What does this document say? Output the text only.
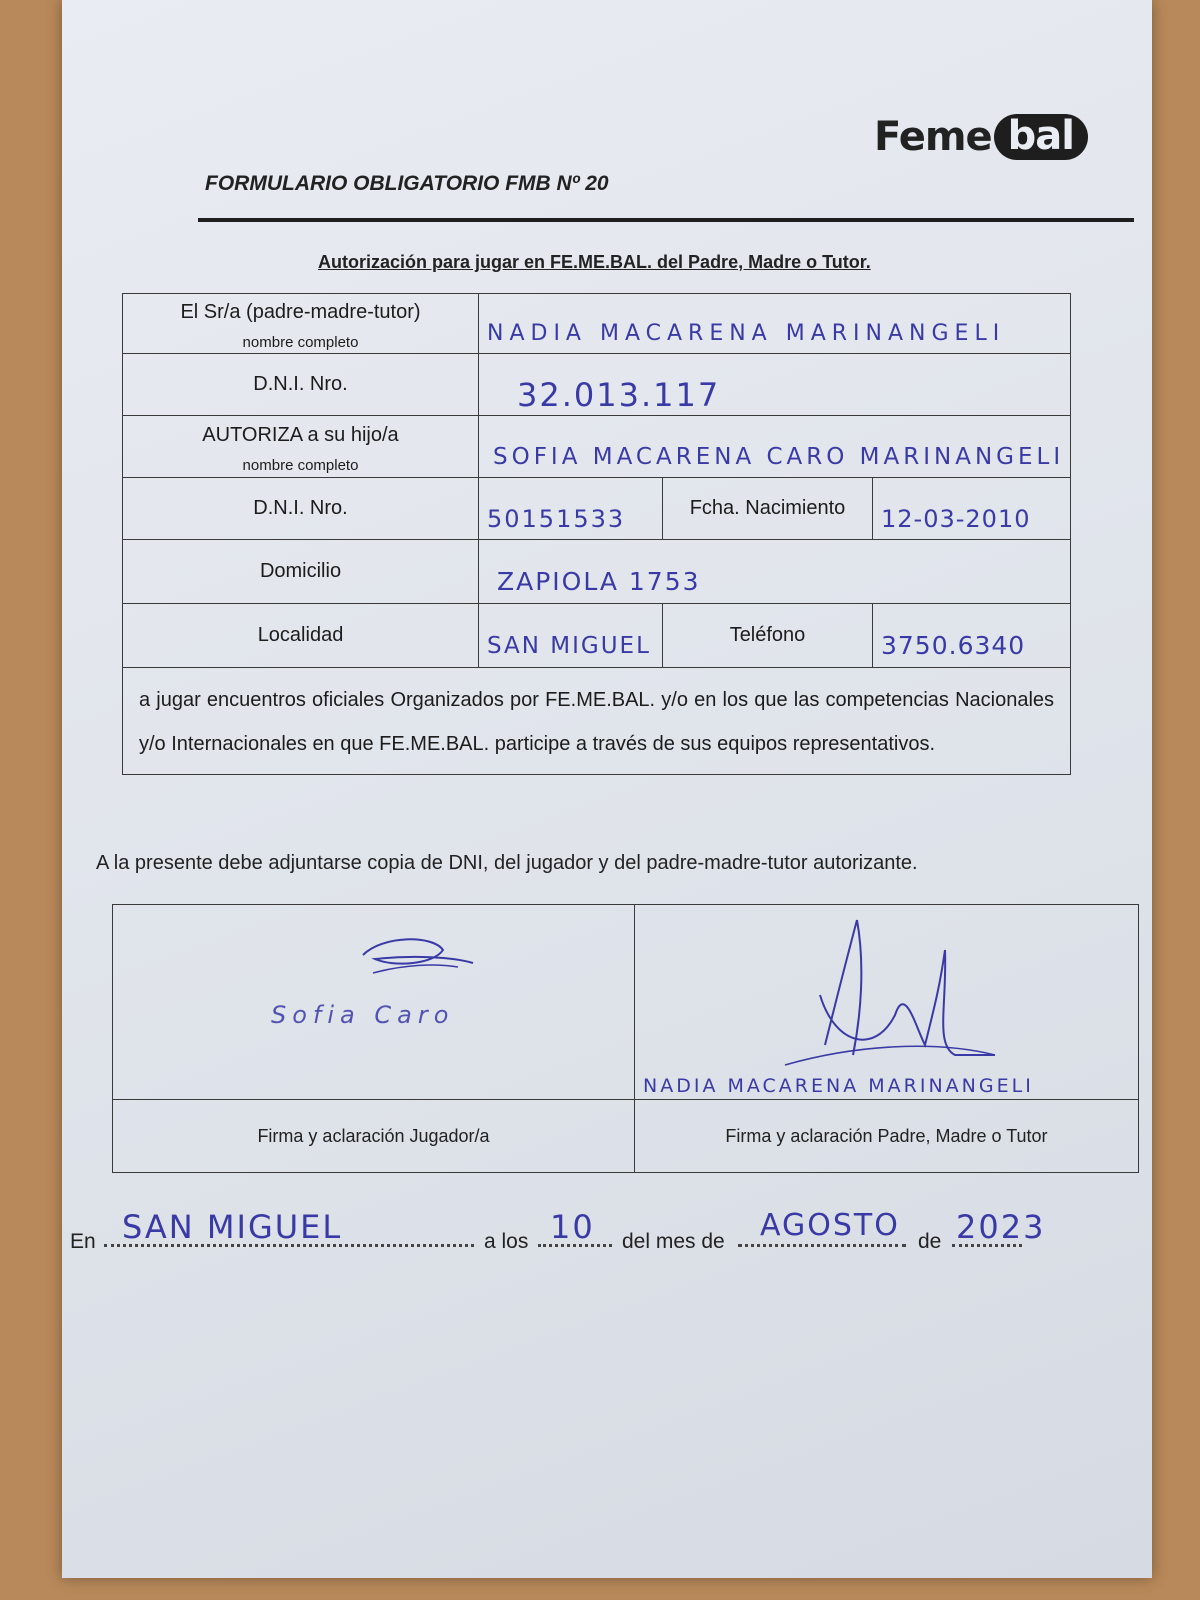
Feme bal
FORMULARIO OBLIGATORIO FMB Nº 20
Autorización para jugar en FE.ME.BAL. del Padre, Madre o Tutor.
El Sr/a (padre-madre-tutor)
nombre completo	NADIA MACARENA MARINANGELI		
D.N.I. Nro.	32.013.117		

AUTORIZA a su hijo/a
nombre completo	SOFIA MACARENA CARO MARINANGELI		
D.N.I. Nro.	50151533	Fcha. Nacimiento	12-03-2010
Domicilio	ZAPIOLA 1753		
Localidad	SAN MIGUEL	Teléfono	3750.6340
a jugar encuentros oficiales Organizados por FE.ME.BAL. y/o en los que las competencias Nacionales y/o Internacionales en que FE.ME.BAL. participe a través de sus equipos representativos.			
A la presente debe adjuntarse copia de DNI, del jugador y del padre-madre-tutor autorizante.
Sofia Caro	NADIA MACARENA MARINANGELI

Firma y aclaración Jugador/a	Firma y aclaración Padre, Madre o Tutor
En SAN MIGUEL	a los 10 del mes de AGOSTO de 2023
